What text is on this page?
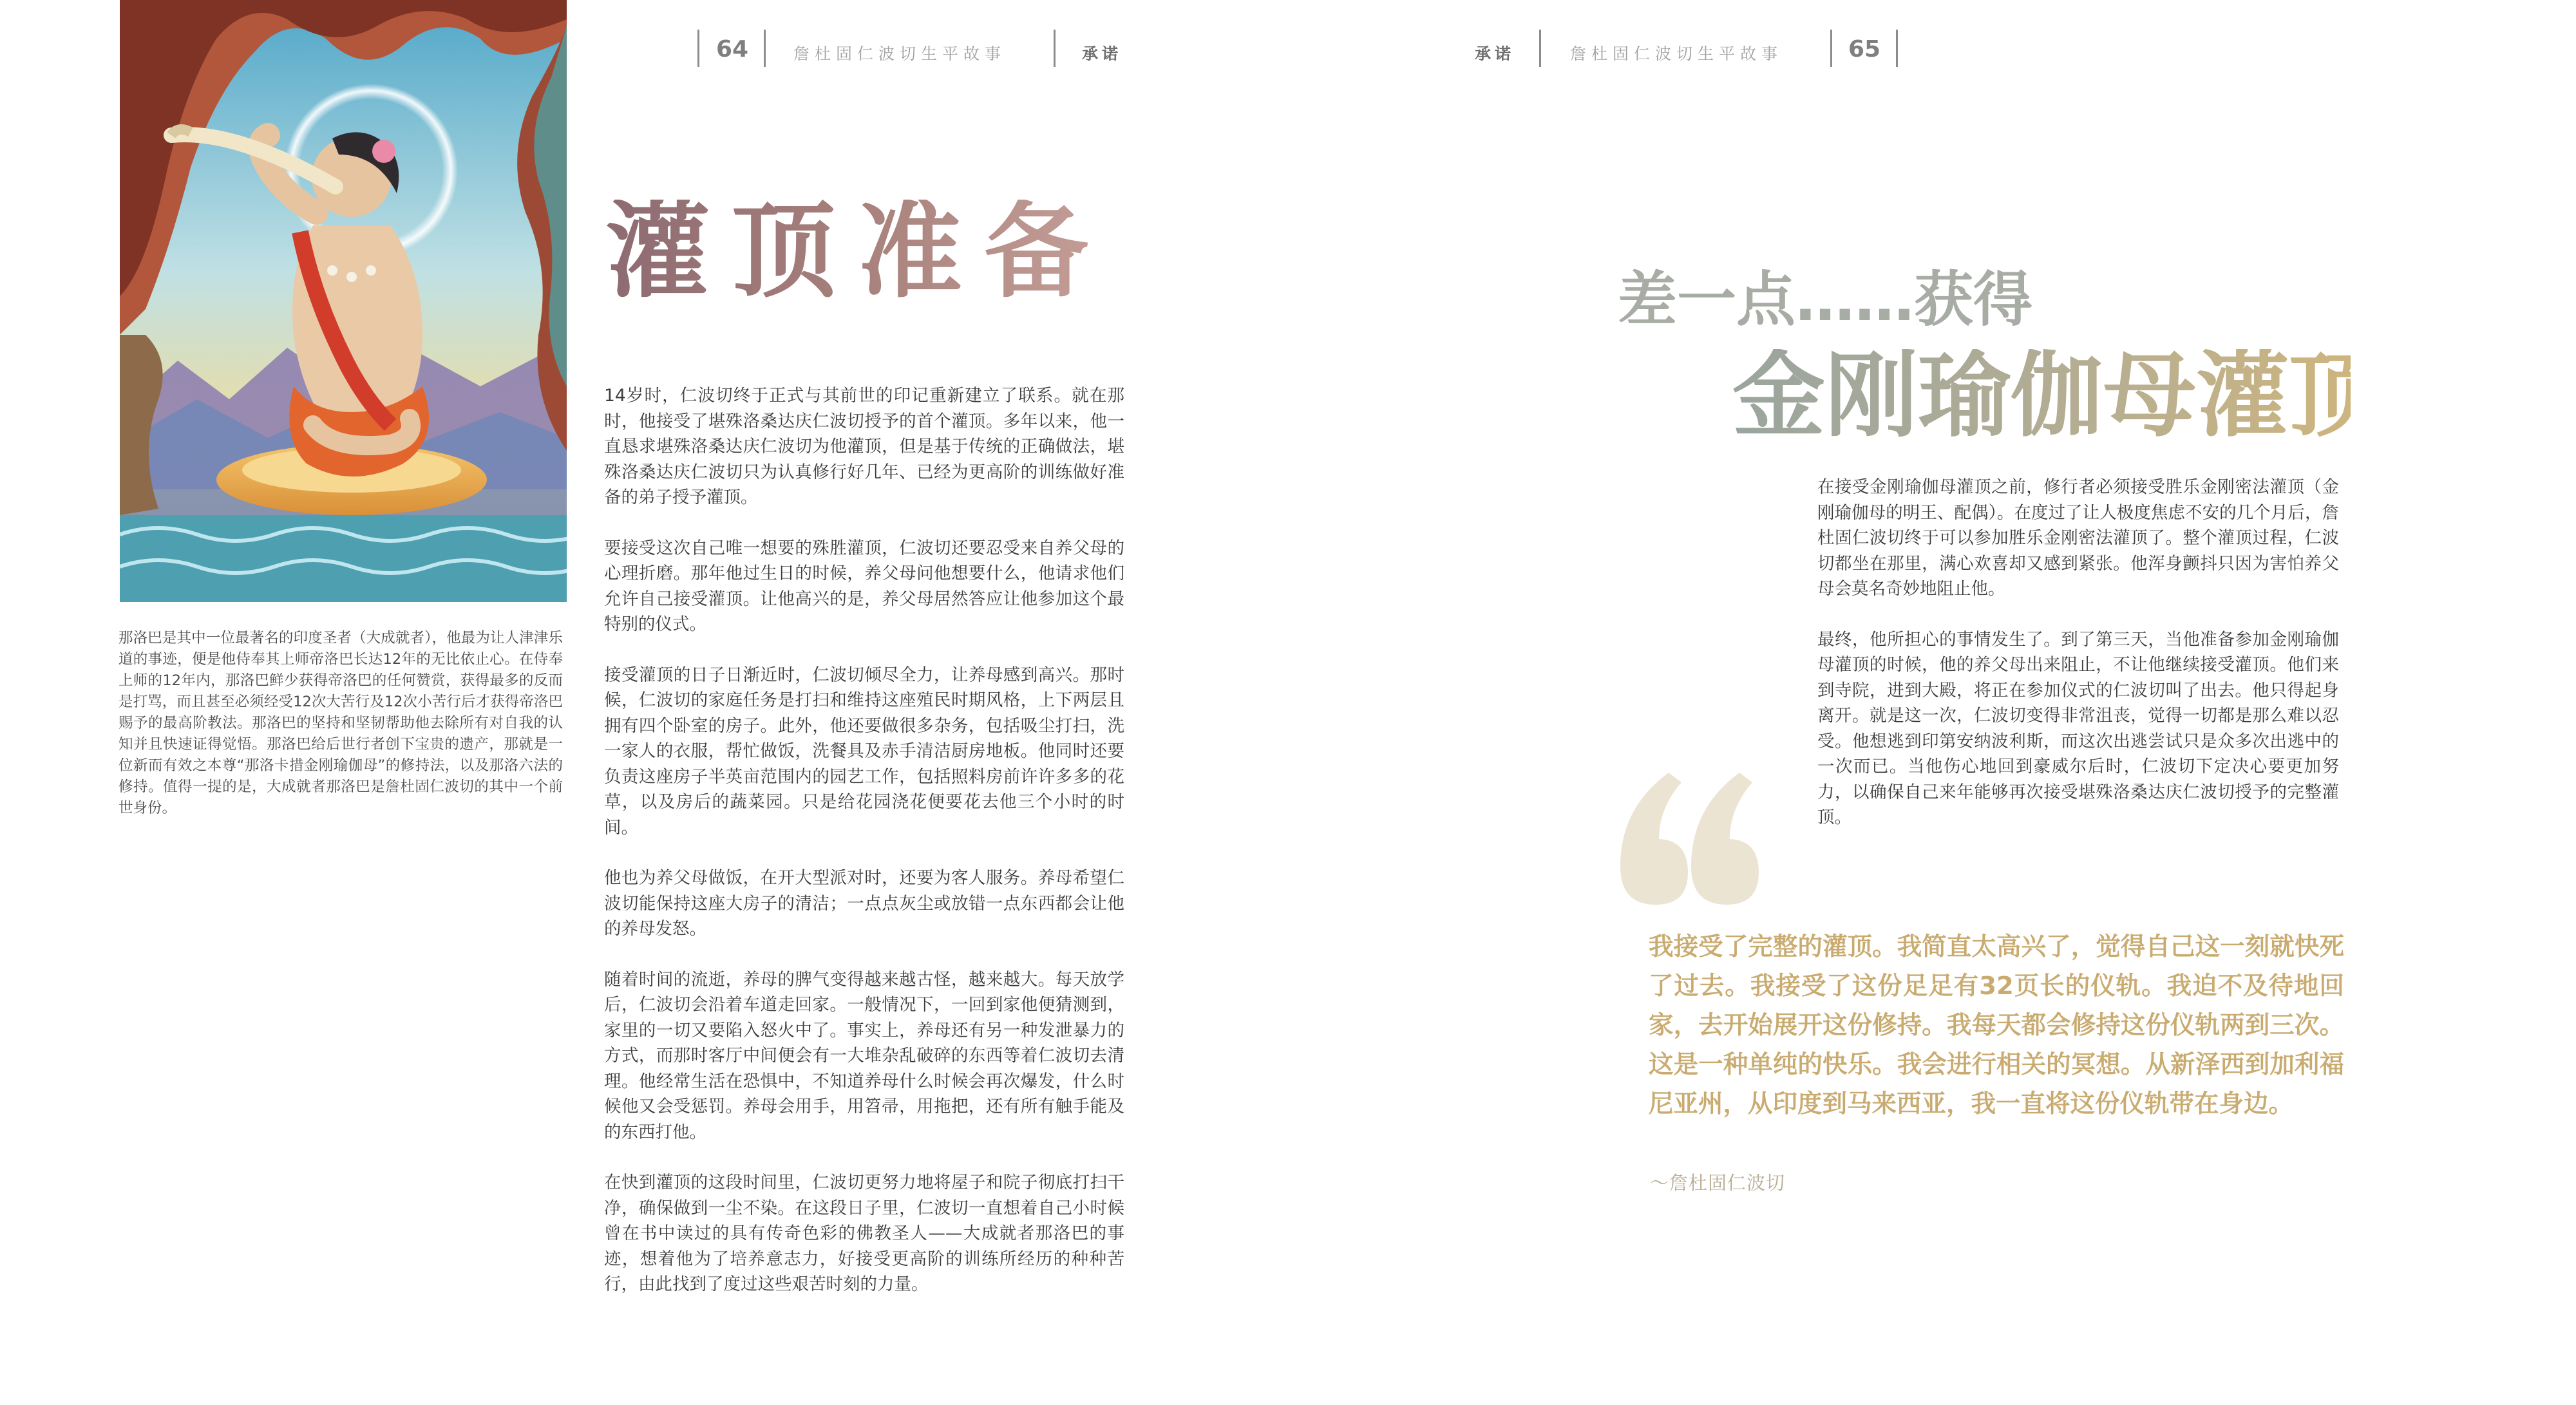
64	詹杜固仁波切生平故事	承诺
那洛巴是其中一位最著名的印度圣者（大成就者），他最为让人津津乐道的事迹，便是他侍奉其上师帝洛巴长达12年的无比依止心。在侍奉上师的12年内，那洛巴鲜少获得帝洛巴的任何赞赏，获得最多的反而是打骂，而且甚至必须经受12次大苦行及12次小苦行后才获得帝洛巴赐予的最高阶教法。那洛巴的坚持和坚韧帮助他去除所有对自我的认知并且快速证得觉悟。那洛巴给后世行者创下宝贵的遗产，那就是一位新而有效之本尊“那洛卡措金刚瑜伽母”的修持法，以及那洛六法的修持。值得一提的是，大成就者那洛巴是詹杜固仁波切的其中一个前世身份。
灌顶准备

14岁时，仁波切终于正式与其前世的印记重新建立了联系。就在那时，他接受了堪殊洛桑达庆仁波切授予的首个灌顶。多年以来，他一直恳求堪殊洛桑达庆仁波切为他灌顶，但是基于传统的正确做法，堪殊洛桑达庆仁波切只为认真修行好几年、已经为更高阶的训练做好准备的弟子授予灌顶。

要接受这次自己唯一想要的殊胜灌顶，仁波切还要忍受来自养父母的心理折磨。那年他过生日的时候，养父母问他想要什么，他请求他们允许自己接受灌顶。让他高兴的是，养父母居然答应让他参加这个最特别的仪式。

接受灌顶的日子日渐近时，仁波切倾尽全力，让养母感到高兴。那时候，仁波切的家庭任务是打扫和维持这座殖民时期风格，上下两层且拥有四个卧室的房子。此外，他还要做很多杂务，包括吸尘打扫，洗一家人的衣服，帮忙做饭，洗餐具及赤手清洁厨房地板。他同时还要负责这座房子半英亩范围内的园艺工作，包括照料房前许许多多的花草，以及房后的蔬菜园。只是给花园浇花便要花去他三个小时的时间。

他也为养父母做饭，在开大型派对时，还要为客人服务。养母希望仁波切能保持这座大房子的清洁；一点点灰尘或放错一点东西都会让他的养母发怒。

随着时间的流逝，养母的脾气变得越来越古怪，越来越大。每天放学后，仁波切会沿着车道走回家。一般情况下，一回到家他便猜测到，家里的一切又要陷入怒火中了。事实上，养母还有另一种发泄暴力的方式，而那时客厅中间便会有一大堆杂乱破碎的东西等着仁波切去清理。他经常生活在恐惧中，不知道养母什么时候会再次爆发，什么时候他又会受惩罚。养母会用手，用笤帚，用拖把，还有所有触手能及的东西打他。

在快到灌顶的这段时间里，仁波切更努力地将屋子和院子彻底打扫干净，确保做到一尘不染。在这段日子里，仁波切一直想着自己小时候曾在书中读过的具有传奇色彩的佛教圣人——大成就者那洛巴的事迹，想着他为了培养意志力，好接受更高阶的训练所经历的种种苦行，由此找到了度过这些艰苦时刻的力量。

承诺	詹杜固仁波切生平故事	65
差一点……获得
金刚瑜伽母灌顶

在接受金刚瑜伽母灌顶之前，修行者必须接受胜乐金刚密法灌顶（金刚瑜伽母的明王、配偶）。在度过了让人极度焦虑不安的几个月后，詹杜固仁波切终于可以参加胜乐金刚密法灌顶了。整个灌顶过程，仁波切都坐在那里，满心欢喜却又感到紧张。他浑身颤抖只因为害怕养父母会莫名奇妙地阻止他。

最终，他所担心的事情发生了。到了第三天，当他准备参加金刚瑜伽母灌顶的时候，他的养父母出来阻止，不让他继续接受灌顶。他们来到寺院，进到大殿，将正在参加仪式的仁波切叫了出去。他只得起身离开。就是这一次，仁波切变得非常沮丧，觉得一切都是那么难以忍受。他想逃到印第安纳波利斯，而这次出逃尝试只是众多次出逃中的一次而已。当他伤心地回到豪威尔后时，仁波切下定决心要更加努力，以确保自己来年能够再次接受堪殊洛桑达庆仁波切授予的完整灌顶。

我接受了完整的灌顶。我简直太高兴了，觉得自己这一刻就快死了过去。我接受了这份足足有32页长的仪轨。我迫不及待地回家，去开始展开这份修持。我每天都会修持这份仪轨两到三次。这是一种单纯的快乐。我会进行相关的冥想。从新泽西到加利福尼亚州，从印度到马来西亚，我一直将这份仪轨带在身边。
～詹杜固仁波切
